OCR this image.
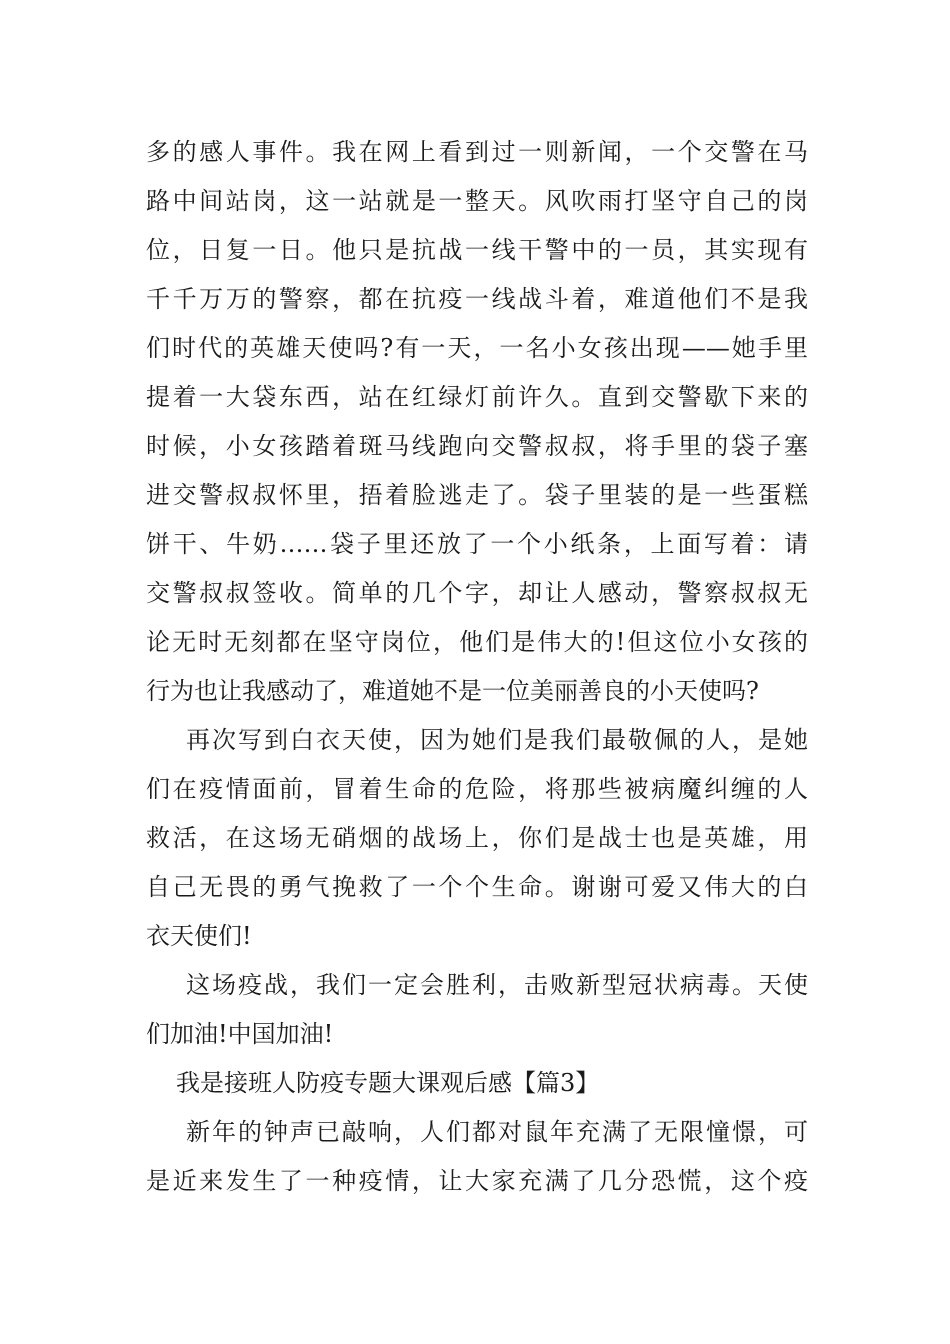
多的感人事件。我在网上看到过一则新闻，一个交警在马
路中间站岗，这一站就是一整天。风吹雨打坚守自己的岗
位，日复一日。他只是抗战一线干警中的一员，其实现有
千千万万的警察，都在抗疫一线战斗着，难道他们不是我
们时代的英雄天使吗?有一天，一名小女孩出现——她手里
提着一大袋东西，站在红绿灯前许久。直到交警歇下来的
时候，小女孩踏着斑马线跑向交警叔叔，将手里的袋子塞
进交警叔叔怀里，捂着脸逃走了。袋子里装的是一些蛋糕
饼干、牛奶……袋子里还放了一个小纸条，上面写着：请
交警叔叔签收。简单的几个字，却让人感动，警察叔叔无
论无时无刻都在坚守岗位，他们是伟大的!但这位小女孩的
行为也让我感动了，难道她不是一位美丽善良的小天使吗?
再次写到白衣天使，因为她们是我们最敬佩的人，是她
们在疫情面前，冒着生命的危险，将那些被病魔纠缠的人
救活，在这场无硝烟的战场上，你们是战士也是英雄，用
自己无畏的勇气挽救了一个个生命。谢谢可爱又伟大的白
衣天使们!
这场疫战，我们一定会胜利，击败新型冠状病毒。天使
们加油!中国加油!
我是接班人防疫专题大课观后感【篇3】
新年的钟声已敲响，人们都对鼠年充满了无限憧憬，可
是近来发生了一种疫情，让大家充满了几分恐慌，这个疫
